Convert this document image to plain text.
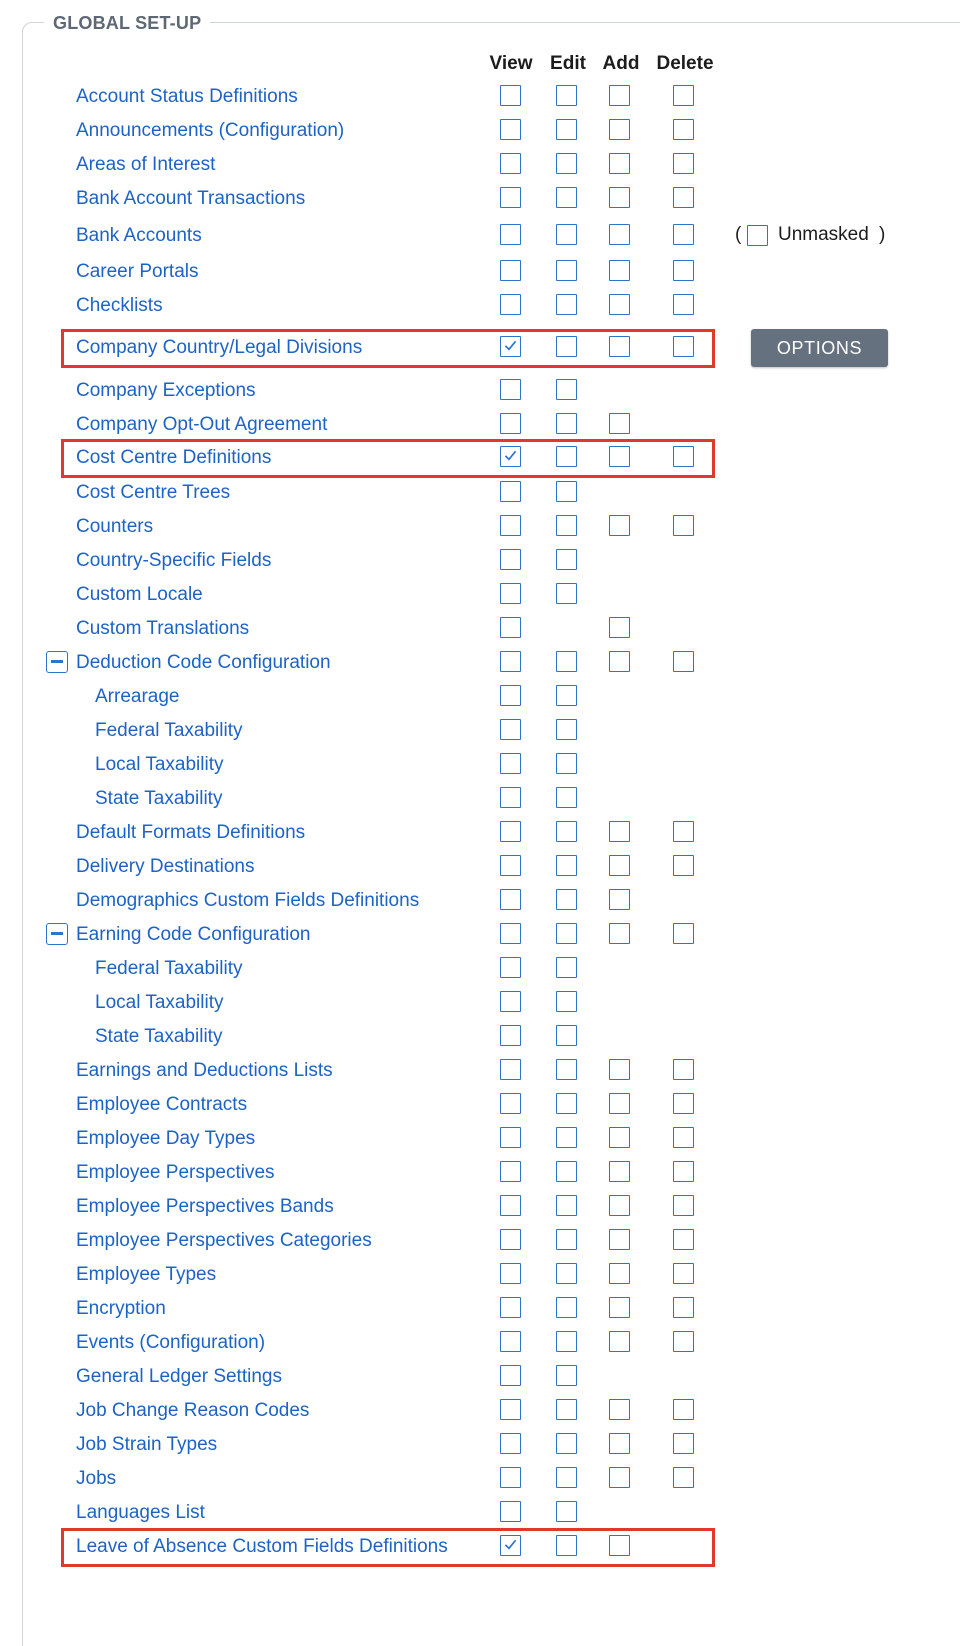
GLOBAL SET-UP
View Edit Add Delete
Account Status Definitions
Announcements (Configuration)
Areas of Interest
Bank Account Transactions
Bank Accounts	( Unmasked )
Career Portals
Checklists
Company Country/Legal Divisions	OPTIONS
Company Exceptions
Company Opt-Out Agreement
Cost Centre Definitions
Cost Centre Trees
Counters
Country-Specific Fields
Custom Locale
Custom Translations
Deduction Code Configuration
Arrearage
Federal Taxability
Local Taxability
State Taxability
Default Formats Definitions
Delivery Destinations
Demographics Custom Fields Definitions
Earning Code Configuration
Federal Taxability
Local Taxability
State Taxability
Earnings and Deductions Lists
Employee Contracts
Employee Day Types
Employee Perspectives
Employee Perspectives Bands
Employee Perspectives Categories
Employee Types
Encryption
Events (Configuration)
General Ledger Settings
Job Change Reason Codes
Job Strain Types
Jobs
Languages List
Leave of Absence Custom Fields Definitions
